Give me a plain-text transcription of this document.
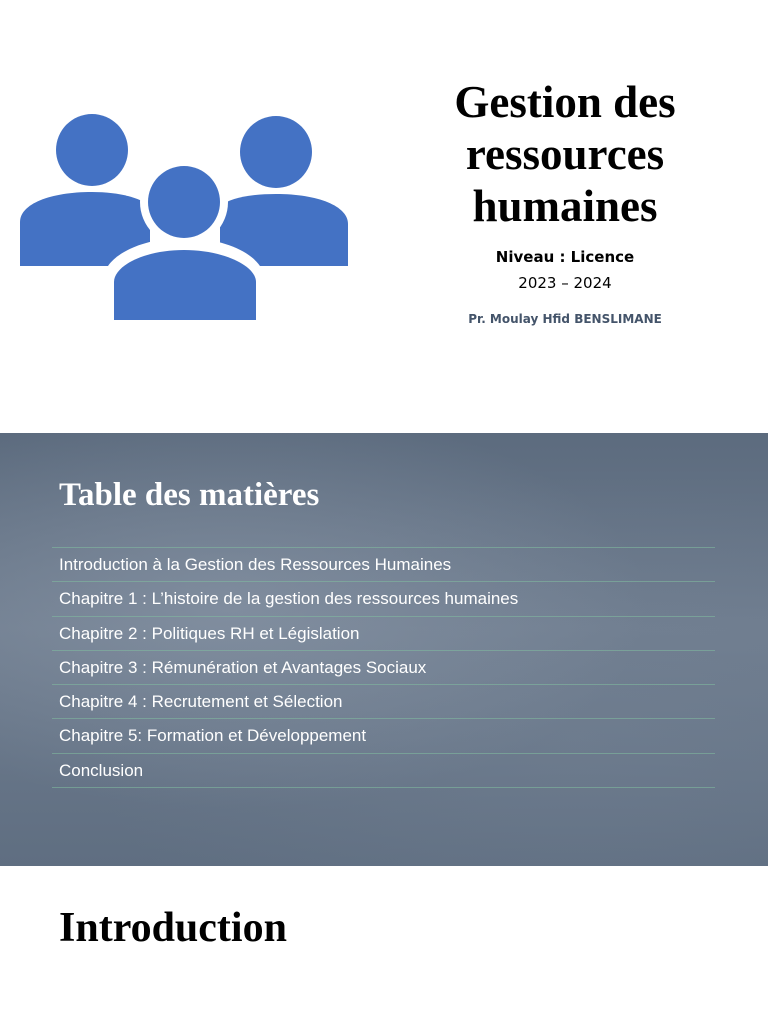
Gestion des
ressources
humaines
Niveau : Licence
2023 – 2024
Pr. Moulay Hfid BENSLIMANE
Table des matières
Introduction à la Gestion des Ressources Humaines
Chapitre 1 : L’histoire de la gestion des ressources humaines
Chapitre 2 : Politiques RH et Législation
Chapitre 3 : Rémunération et Avantages Sociaux
Chapitre 4 : Recrutement et Sélection
Chapitre 5: Formation et Développement
Conclusion
Introduction
